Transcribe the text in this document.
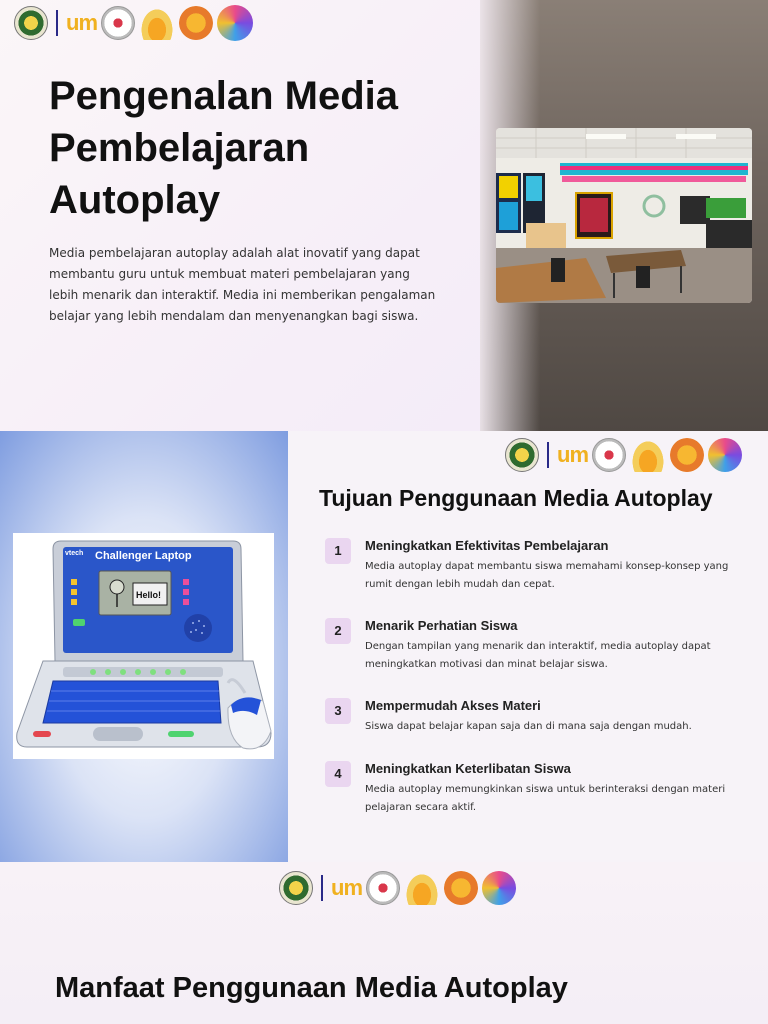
um
Pengenalan Media Pembelajaran Autoplay

Media pembelajaran autoplay adalah alat inovatif yang dapat membantu guru untuk membuat materi pembelajaran yang lebih menarik dan interaktif. Media ini memberikan pengalaman belajar yang lebih mendalam dan menyenangkan bagi siswa.

vtech Challenger Laptop
Hello!
um
Tujuan Penggunaan Media Autoplay
1	Meningkatkan Efektivitas Pembelajaran

Media autoplay dapat membantu siswa memahami konsep-konsep yang rumit dengan lebih mudah dan cepat.

2	Menarik Perhatian Siswa

Dengan tampilan yang menarik dan interaktif, media autoplay dapat meningkatkan motivasi dan minat belajar siswa.

3	Mempermudah Akses Materi

Siswa dapat belajar kapan saja dan di mana saja dengan mudah.

4	Meningkatkan Keterlibatan Siswa

Media autoplay memungkinkan siswa untuk berinteraksi dengan materi pelajaran secara aktif.

um
Manfaat Penggunaan Media Autoplay
